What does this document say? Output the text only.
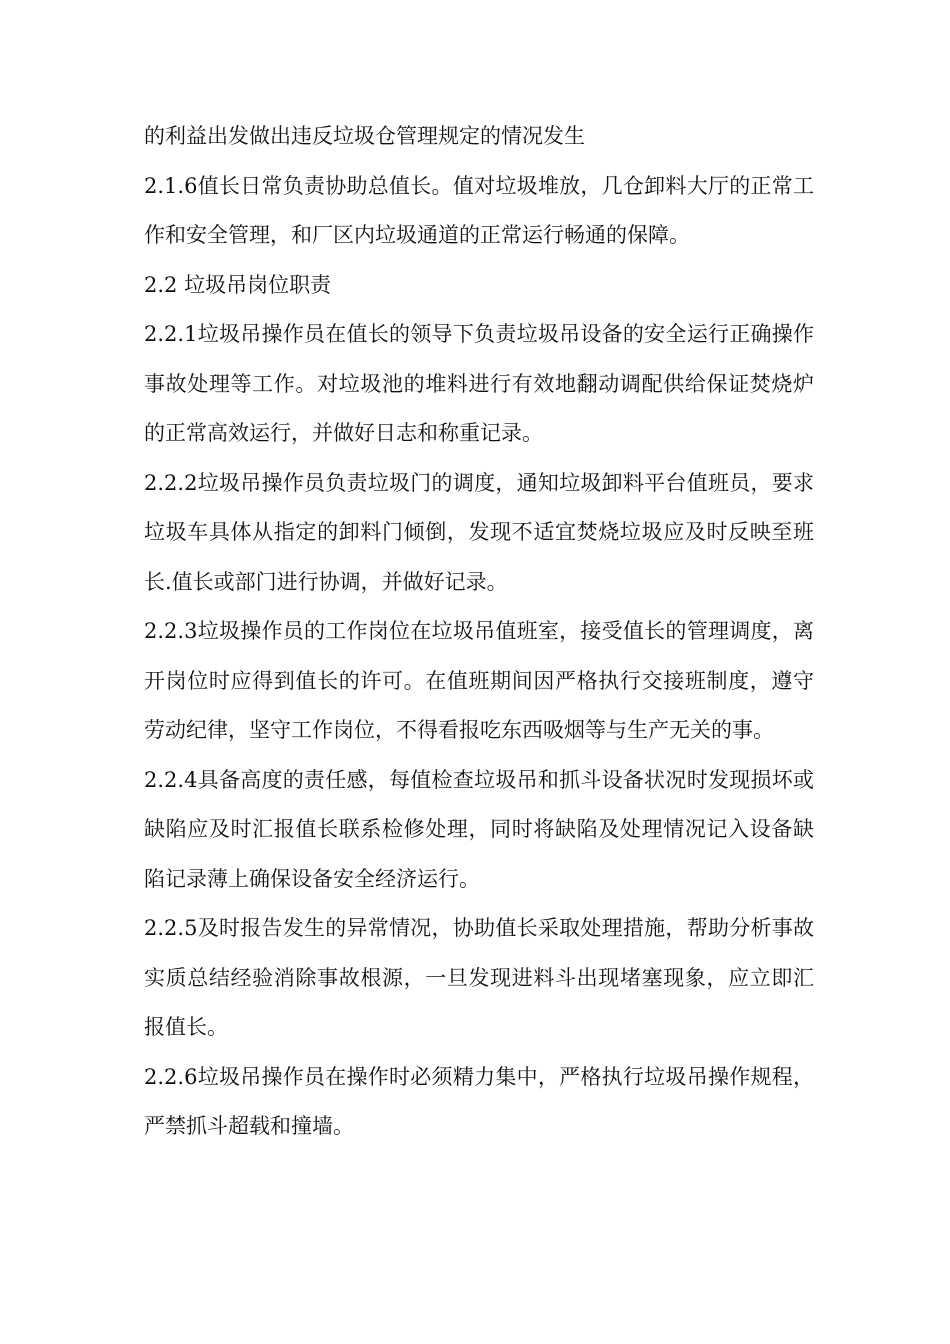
的利益出发做出违反垃圾仓管理规定的情况发生

2.1.6值长日常负责协助总值长。值对垃圾堆放，几仓卸料大厅的正常工作和安全管理，和厂区内垃圾通道的正常运行畅通的保障。

2.2 垃圾吊岗位职责

2.2.1垃圾吊操作员在值长的领导下负责垃圾吊设备的安全运行正确操作事故处理等工作。对垃圾池的堆料进行有效地翻动调配供给保证焚烧炉的正常高效运行，并做好日志和称重记录。

2.2.2垃圾吊操作员负责垃圾门的调度，通知垃圾卸料平台值班员，要求垃圾车具体从指定的卸料门倾倒，发现不适宜焚烧垃圾应及时反映至班长.值长或部门进行协调，并做好记录。

2.2.3垃圾操作员的工作岗位在垃圾吊值班室，接受值长的管理调度，离开岗位时应得到值长的许可。在值班期间因严格执行交接班制度，遵守劳动纪律，坚守工作岗位，不得看报吃东西吸烟等与生产无关的事。

2.2.4具备高度的责任感，每值检查垃圾吊和抓斗设备状况时发现损坏或缺陷应及时汇报值长联系检修处理，同时将缺陷及处理情况记入设备缺陷记录薄上确保设备安全经济运行。

2.2.5及时报告发生的异常情况，协助值长采取处理措施，帮助分析事故实质总结经验消除事故根源，一旦发现进料斗出现堵塞现象，应立即汇报值长。

2.2.6垃圾吊操作员在操作时必须精力集中，严格执行垃圾吊操作规程，严禁抓斗超载和撞墙。
